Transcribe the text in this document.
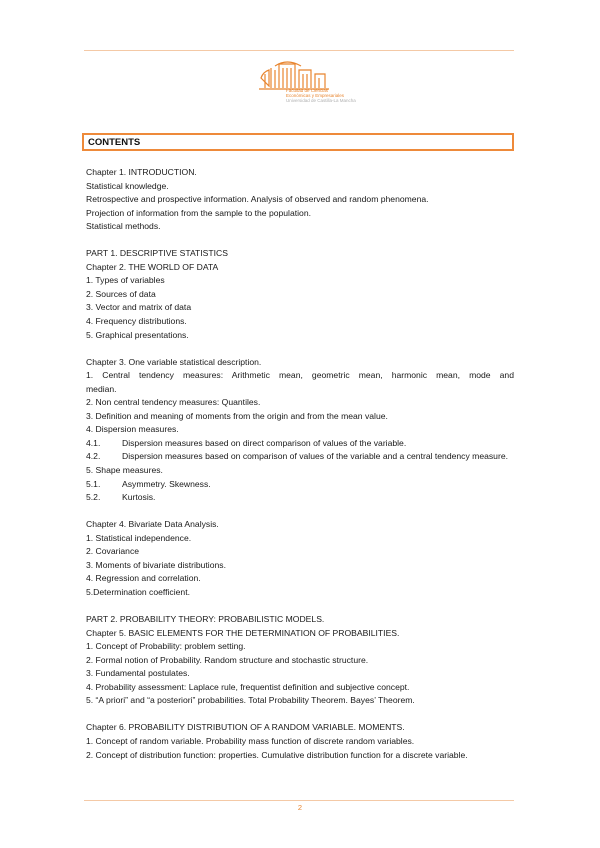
Facultad de Ciencias
Económicas y Empresariales
Universidad de Castilla-La Mancha
CONTENTS
Chapter 1. INTRODUCTION.
Statistical knowledge.
Retrospective and prospective information. Analysis of observed and random phenomena.
Projection of information from the sample to the population.
Statistical methods.
PART 1. DESCRIPTIVE STATISTICS
Chapter 2. THE WORLD OF DATA
1. Types of variables
2. Sources of data
3. Vector and matrix of data
4. Frequency distributions.
5. Graphical presentations.
Chapter 3. One variable statistical description.
1. Central tendency measures: Arithmetic mean, geometric mean, harmonic mean, mode and
median.
2. Non central tendency measures: Quantiles.
3. Definition and meaning of moments from the origin and from the mean value.
4. Dispersion measures.
4.1.	Dispersion measures based on direct comparison of values of the variable.
4.2.	Dispersion measures based on comparison of values of the variable and a central tendency measure.
5. Shape measures.
5.1.	Asymmetry. Skewness.
5.2.	Kurtosis.
Chapter 4. Bivariate Data Analysis.
1. Statistical independence.
2. Covariance
3. Moments of bivariate distributions.
4. Regression and correlation.
5.Determination coefficient.
PART 2. PROBABILITY THEORY: PROBABILISTIC MODELS.
Chapter 5. BASIC ELEMENTS FOR THE DETERMINATION OF PROBABILITIES.
1. Concept of Probability: problem setting.
2. Formal notion of Probability. Random structure and stochastic structure.
3. Fundamental postulates.
4. Probability assessment: Laplace rule, frequentist definition and subjective concept.
5. “A priori” and “a posteriori” probabilities. Total Probability Theorem. Bayes’ Theorem.
Chapter 6. PROBABILITY DISTRIBUTION OF A RANDOM VARIABLE. MOMENTS.
1. Concept of random variable. Probability mass function of discrete random variables.
2. Concept of distribution function: properties. Cumulative distribution function for a discrete variable.
2
